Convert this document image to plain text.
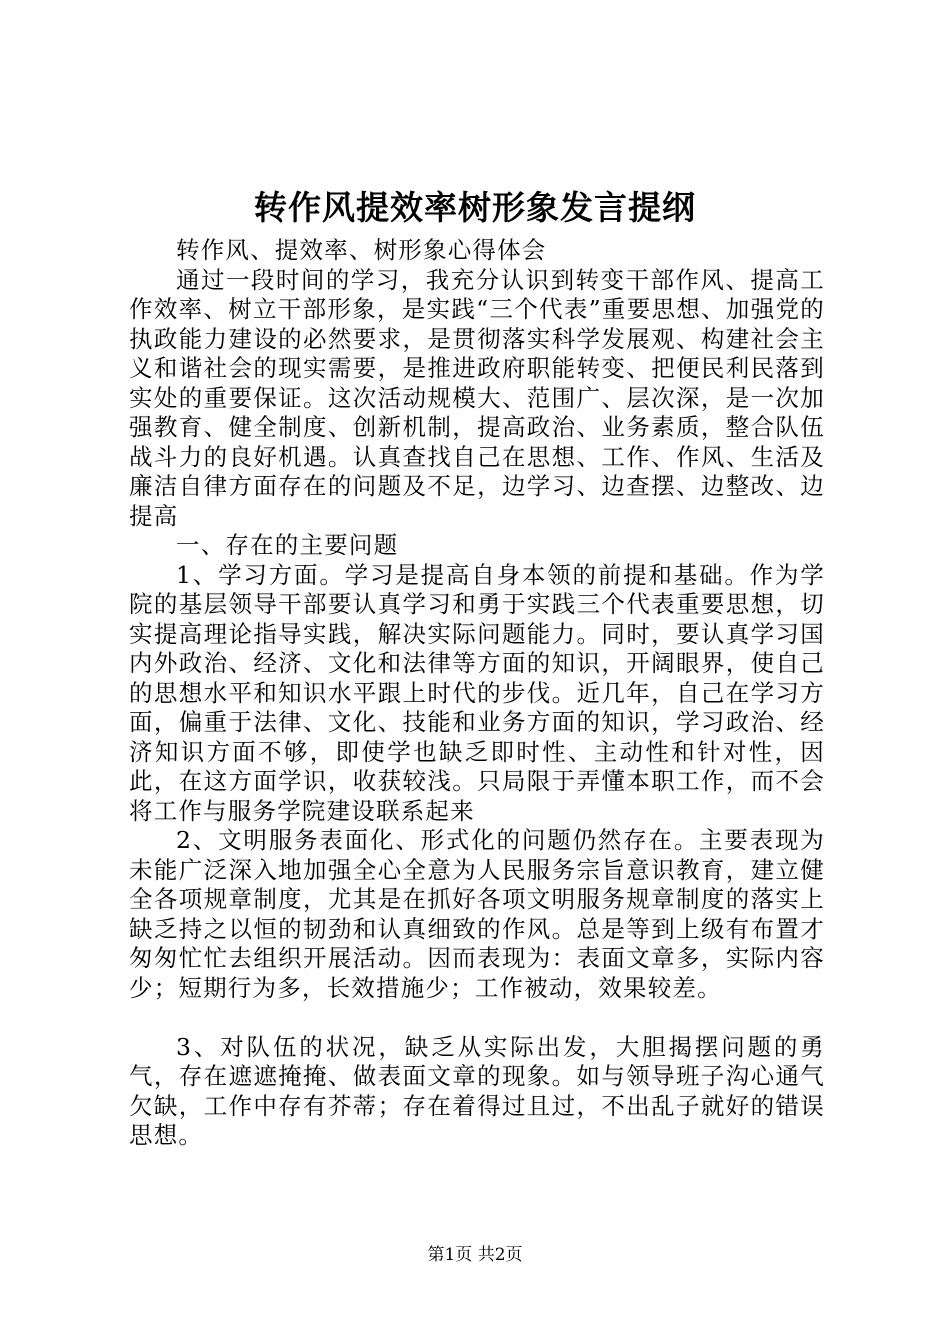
转作风提效率树形象发言提纲

转作风、提效率、树形象心得体会

通过一段时间的学习，我充分认识到转变干部作风、提高工作效率、树立干部形象，是实践“三个代表”重要思想、加强党的执政能力建设的必然要求，是贯彻落实科学发展观、构建社会主义和谐社会的现实需要，是推进政府职能转变、把便民利民落到实处的重要保证。这次活动规模大、范围广、层次深，是一次加强教育、健全制度、创新机制，提高政治、业务素质，整合队伍战斗力的良好机遇。认真查找自己在思想、工作、作风、生活及廉洁自律方面存在的问题及不足，边学习、边查摆、边整改、边提高

一、存在的主要问题

1、学习方面。学习是提高自身本领的前提和基础。作为学院的基层领导干部要认真学习和勇于实践三个代表重要思想，切实提高理论指导实践，解决实际问题能力。同时，要认真学习国内外政治、经济、文化和法律等方面的知识，开阔眼界，使自己的思想水平和知识水平跟上时代的步伐。近几年，自己在学习方面，偏重于法律、文化、技能和业务方面的知识，学习政治、经济知识方面不够，即使学也缺乏即时性、主动性和针对性，因此，在这方面学识，收获较浅。只局限于弄懂本职工作，而不会将工作与服务学院建设联系起来

2、文明服务表面化、形式化的问题仍然存在。主要表现为未能广泛深入地加强全心全意为人民服务宗旨意识教育，建立健全各项规章制度，尤其是在抓好各项文明服务规章制度的落实上缺乏持之以恒的韧劲和认真细致的作风。总是等到上级有布置才匆匆忙忙去组织开展活动。因而表现为：表面文章多，实际内容少；短期行为多，长效措施少；工作被动，效果较差。

3、对队伍的状况，缺乏从实际出发，大胆揭摆问题的勇气，存在遮遮掩掩、做表面文章的现象。如与领导班子沟心通气欠缺，工作中存有芥蒂；存在着得过且过，不出乱子就好的错误思想。

第1页 共2页
